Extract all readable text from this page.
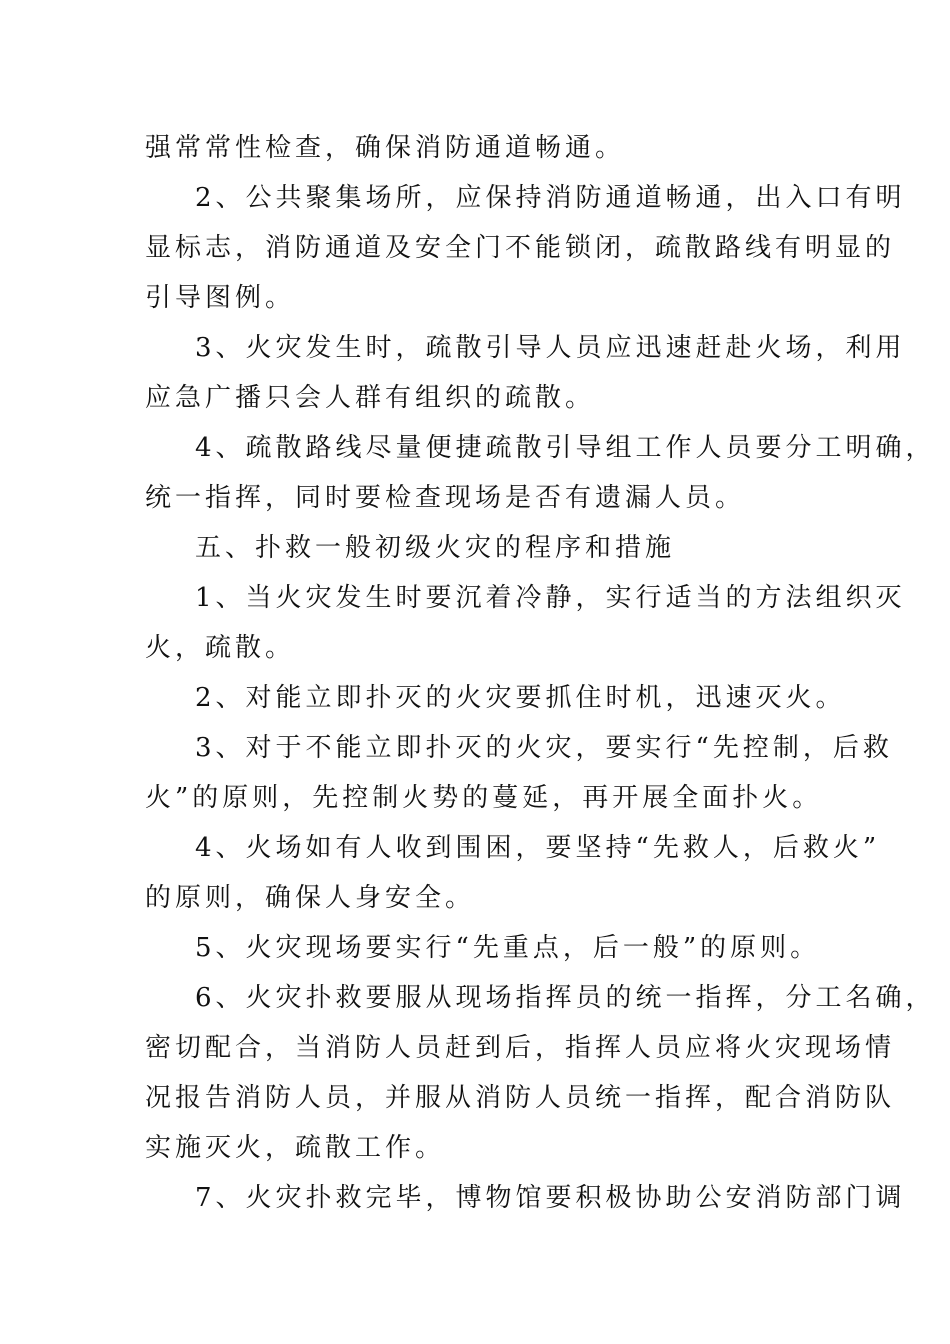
强常常性检查，确保消防通道畅通。
2、公共聚集场所，应保持消防通道畅通，出入口有明
显标志，消防通道及安全门不能锁闭，疏散路线有明显的
引导图例。
3、火灾发生时，疏散引导人员应迅速赶赴火场，利用
应急广播只会人群有组织的疏散。
4、疏散路线尽量便捷疏散引导组工作人员要分工明确，
统一指挥，同时要检查现场是否有遗漏人员。
五、扑救一般初级火灾的程序和措施
1、当火灾发生时要沉着冷静，实行适当的方法组织灭
火，疏散。
2、对能立即扑灭的火灾要抓住时机，迅速灭火。
3、对于不能立即扑灭的火灾，要实行“先控制，后救
火”的原则，先控制火势的蔓延，再开展全面扑火。
4、火场如有人收到围困，要坚持“先救人，后救火”
的原则，确保人身安全。
5、火灾现场要实行“先重点，后一般”的原则。
6、火灾扑救要服从现场指挥员的统一指挥，分工名确，
密切配合，当消防人员赶到后，指挥人员应将火灾现场情
况报告消防人员，并服从消防人员统一指挥，配合消防队
实施灭火，疏散工作。
7、火灾扑救完毕，博物馆要积极协助公安消防部门调
